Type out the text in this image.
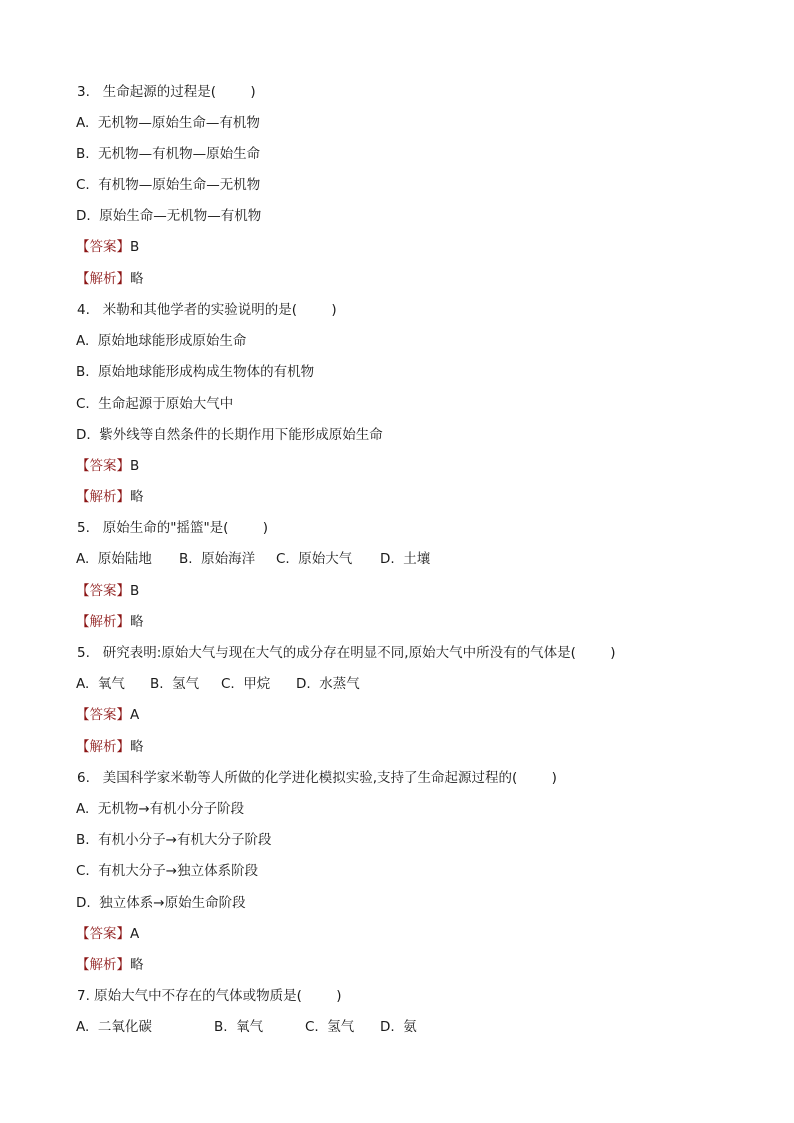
3.   生命起源的过程是(        )
A.  无机物—原始生命—有机物
B.  无机物—有机物—原始生命
C.  有机物—原始生命—无机物
D.  原始生命—无机物—有机物
【答案】B
【解析】略
4.   米勒和其他学者的实验说明的是(        )
A.  原始地球能形成原始生命
B.  原始地球能形成构成生物体的有机物
C.  生命起源于原始大气中
D.  紫外线等自然条件的长期作用下能形成原始生命
【答案】B
【解析】略
5.   原始生命的"摇篮"是(        )
A.  原始陆地	B.  原始海洋	C.  原始大气	D.  土壤
【答案】B
【解析】略
5.   研究表明:原始大气与现在大气的成分存在明显不同,原始大气中所没有的气体是(        )
A.  氧气	B.  氢气	C.  甲烷	D.  水蒸气
【答案】A
【解析】略
6.   美国科学家米勒等人所做的化学进化模拟实验,支持了生命起源过程的(        )
A.  无机物→有机小分子阶段
B.  有机小分子→有机大分子阶段
C.  有机大分子→独立体系阶段
D.  独立体系→原始生命阶段
【答案】A
【解析】略
7. 原始大气中不存在的气体或物质是(        )
A.  二氧化碳	B.  氧气	C.  氢气	D.  氨
